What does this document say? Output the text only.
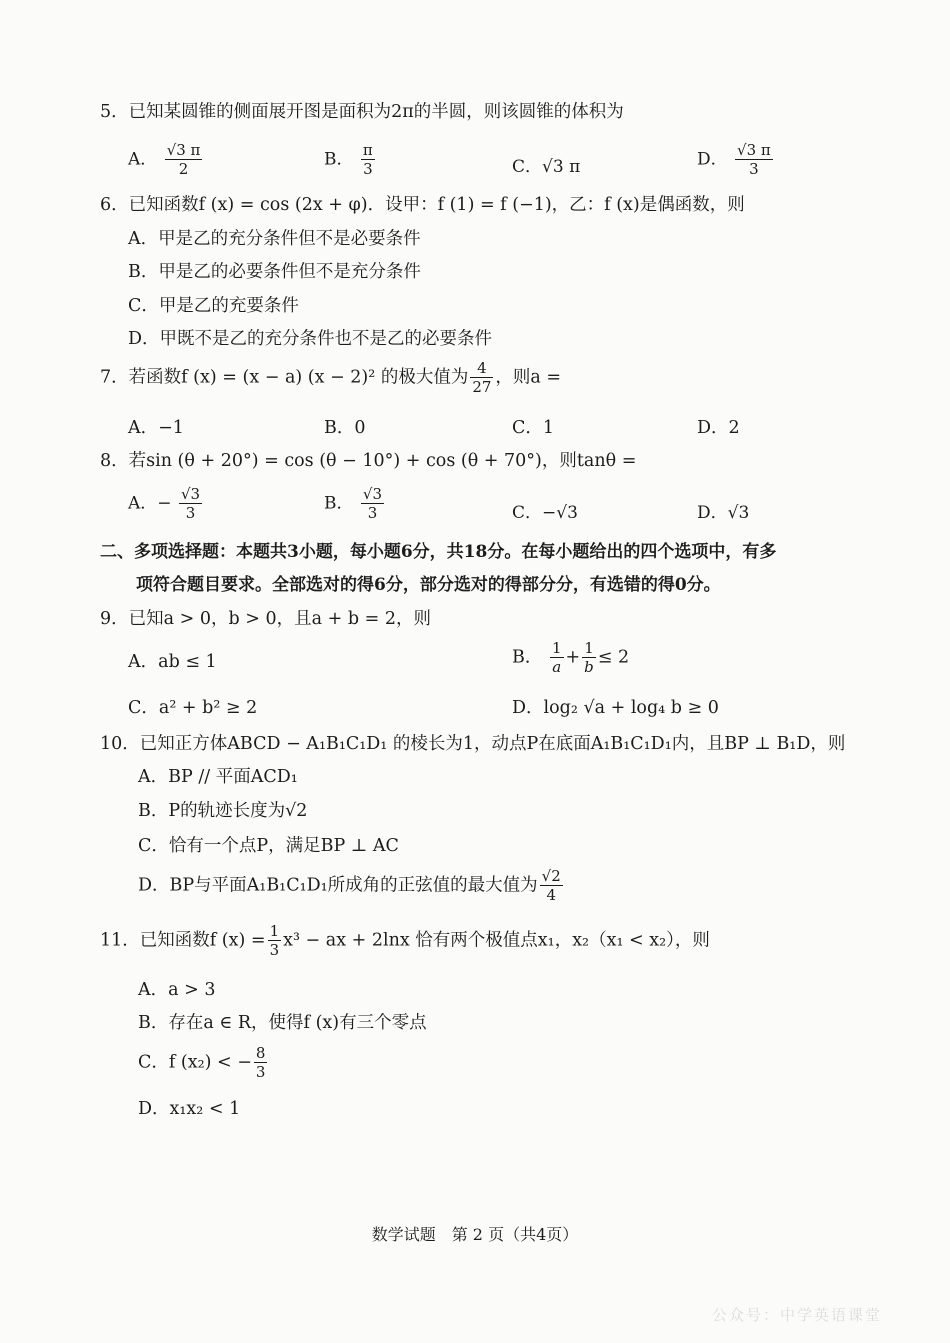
5．已知某圆锥的侧面展开图是面积为2π的半圆，则该圆锥的体积为
A． $\frac{√3 \pi}{2}$	B． $\frac{\pi}{3}$	C．√3 π	D． $\frac{√3 \pi}{3}$
6．已知函数f (x) = cos (2x + φ)．设甲：f (1) = f (−1)，乙：f (x)是偶函数，则
A．甲是乙的充分条件但不是必要条件
B．甲是乙的必要条件但不是充分条件
C．甲是乙的充要条件
D．甲既不是乙的充分条件也不是乙的必要条件
7．若函数f (x) = (x − a) (x − 2)² 的极大值为 $\frac{4}{27}$ ，则a =
A．−1	B．0	C．1	D．2
8．若sin (θ + 20°) = cos (θ − 10°) + cos (θ + 70°)，则tanθ =
A．− $\frac{√3}{3}$	B． $\frac{√3}{3}$	C．−√3	D．√3
二、多项选择题：本题共3小题，每小题6分，共18分。在每小题给出的四个选项中，有多
项符合题目要求。全部选对的得6分，部分选对的得部分分，有选错的得0分。
9．已知a > 0，b > 0，且a + b = 2，则
A．ab ≤ 1	B． $\frac{1}{a} + \frac{1}{b} \le 2$
C．a² + b² ≥ 2	D．log₂ √a + log₄ b ≥ 0
10．已知正方体ABCD − A₁B₁C₁D₁ 的棱长为1，动点P在底面A₁B₁C₁D₁内，且BP ⊥ B₁D，则
A．BP // 平面ACD₁
B．P的轨迹长度为√2
C．恰有一个点P，满足BP ⊥ AC
D．BP与平面A₁B₁C₁D₁所成角的正弦值的最大值为 $\frac{√2}{4}$
11．已知函数f $(x) = \frac{1}{3} x^3$ − ax + 2lnx 恰有两个极值点x₁，x₂（x₁ < x₂），则
A．a > 3
B．存在a ∈ R，使得f (x)有三个零点
C．f (x₂) < − $\frac{8}{3}$
D．x₁x₂ < 1
数学试题　第 2 页（共4页）
公众号：中学英语课堂
